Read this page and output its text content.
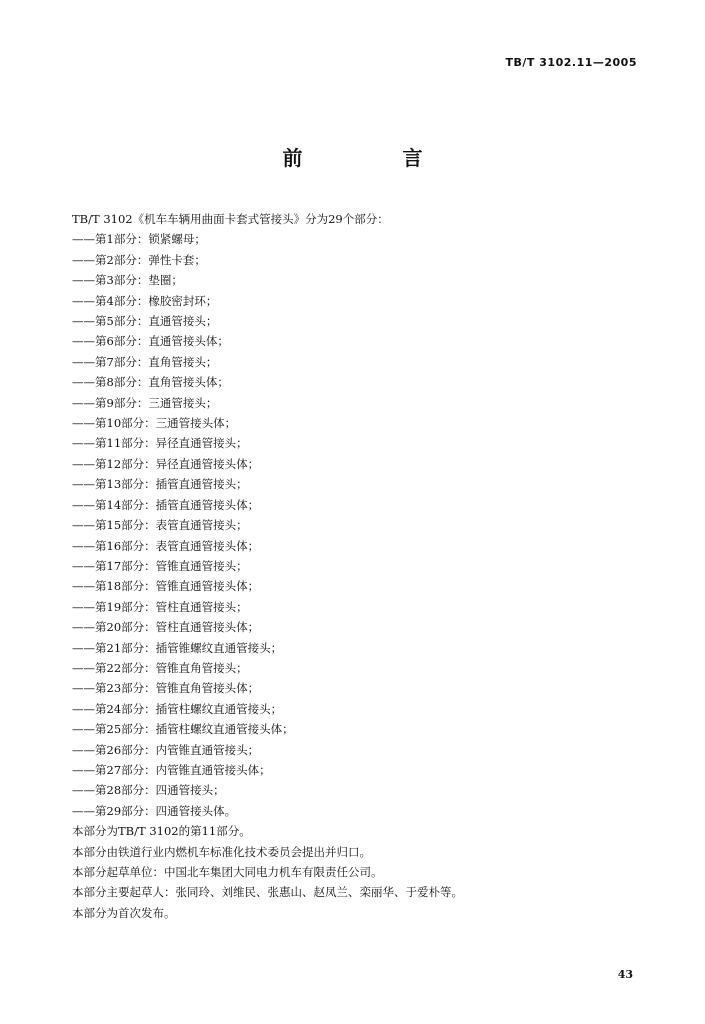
TB/T 3102.11—2005
前　言
TB/T 3102《机车车辆用曲面卡套式管接头》分为29个部分：
——第1部分：锁紧螺母；
——第2部分：弹性卡套；
——第3部分：垫圈；
——第4部分：橡胶密封环；
——第5部分：直通管接头；
——第6部分：直通管接头体；
——第7部分：直角管接头；
——第8部分：直角管接头体；
——第9部分：三通管接头；
——第10部分：三通管接头体；
——第11部分：异径直通管接头；
——第12部分：异径直通管接头体；
——第13部分：插管直通管接头；
——第14部分：插管直通管接头体；
——第15部分：表管直通管接头；
——第16部分：表管直通管接头体；
——第17部分：管锥直通管接头；
——第18部分：管锥直通管接头体；
——第19部分：管柱直通管接头；
——第20部分：管柱直通管接头体；
——第21部分：插管锥螺纹直通管接头；
——第22部分：管锥直角管接头；
——第23部分：管锥直角管接头体；
——第24部分：插管柱螺纹直通管接头；
——第25部分：插管柱螺纹直通管接头体；
——第26部分：内管锥直通管接头；
——第27部分：内管锥直通管接头体；
——第28部分：四通管接头；
——第29部分：四通管接头体。
本部分为TB/T 3102的第11部分。
本部分由铁道行业内燃机车标准化技术委员会提出并归口。
本部分起草单位：中国北车集团大同电力机车有限责任公司。
本部分主要起草人：张同玲、刘维民、张惠山、赵凤兰、栾丽华、于爱朴等。
本部分为首次发布。
43
